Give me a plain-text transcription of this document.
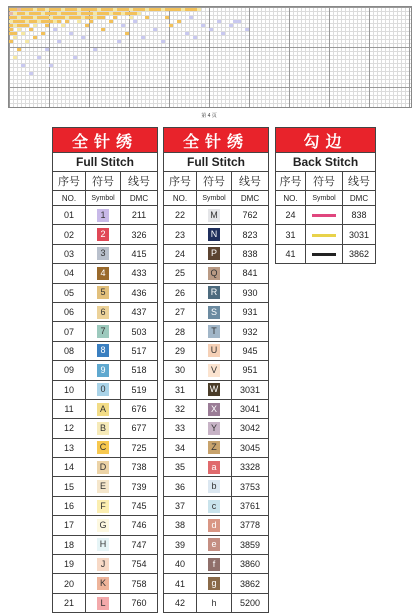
第 4 页
全针绣		
Full Stitch		
序号	符号	线号
NO.	Symbol	DMC
01	1	211
02	2	326
03	3	415
04	4	433
05	5	436
06	6	437
07	7	503
08	8	517
09	9	518
10	0	519
11	A	676
12	B	677
13	C	725
14	D	738
15	E	739
16	F	745
17	G	746
18	H	747
19	J	754
20	K	758
21	L	760
全针绣		
Full Stitch		
序号	符号	线号
NO.	Symbol	DMC
22	M	762
23	N	823
24	P	838
25	Q	841
26	R	930
27	S	931
28	T	932
29	U	945
30	V	951
31	W	3031
32	X	3041
33	Y	3042
34	Z	3045
35	a	3328
36	b	3753
37	c	3761
38	d	3778
39	e	3859
40	f	3860
41	g	3862
42	h	5200
勾边		
Back Stitch		
序号	符号	线号
NO.	Symbol	DMC
24		838
31		3031
41		3862
